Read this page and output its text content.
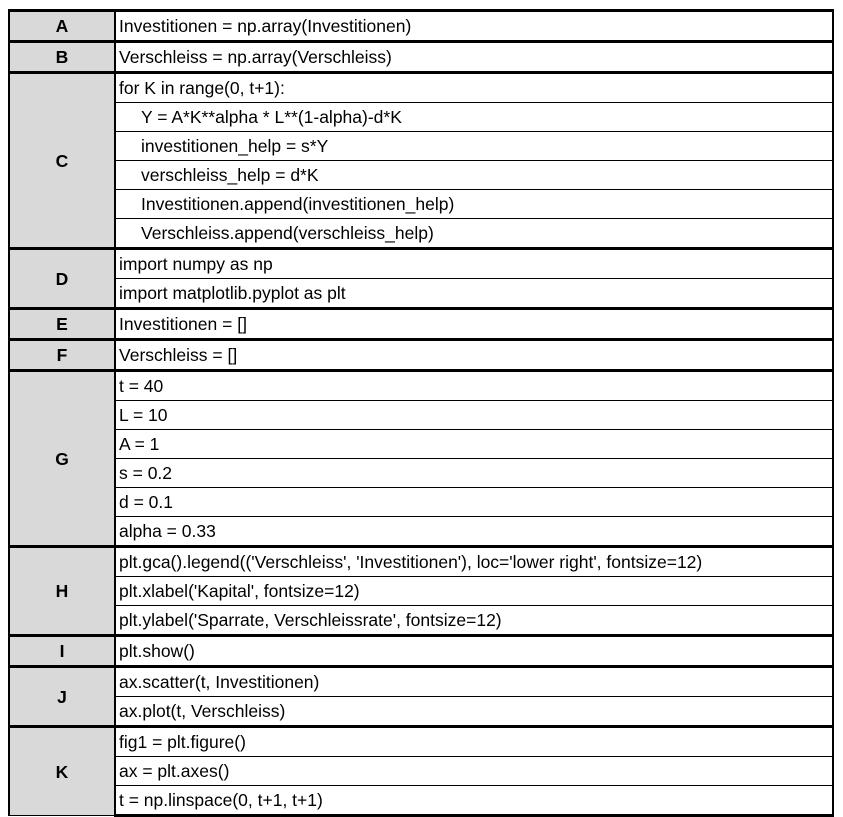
A	Investitionen = np.array(Investitionen)
B	Verschleiss = np.array(Verschleiss)
C	for K in range(0, t+1):
	Y = A*K**alpha * L**(1-alpha)-d*K
	investitionen_help = s*Y
	verschleiss_help = d*K
	Investitionen.append(investitionen_help)
	Verschleiss.append(verschleiss_help)
D	import numpy as np
	import matplotlib.pyplot as plt
E	Investitionen = []
F	Verschleiss = []
G	t = 40
	L = 10
	A = 1
	s = 0.2
	d = 0.1
	alpha = 0.33
H	plt.gca().legend(('Verschleiss', 'Investitionen'), loc='lower right', fontsize=12)
	plt.xlabel('Kapital', fontsize=12)
	plt.ylabel('Sparrate, Verschleissrate', fontsize=12)
I	plt.show()
J	ax.scatter(t, Investitionen)
	ax.plot(t, Verschleiss)
K	fig1 = plt.figure()
	ax = plt.axes()
	t = np.linspace(0, t+1, t+1)
